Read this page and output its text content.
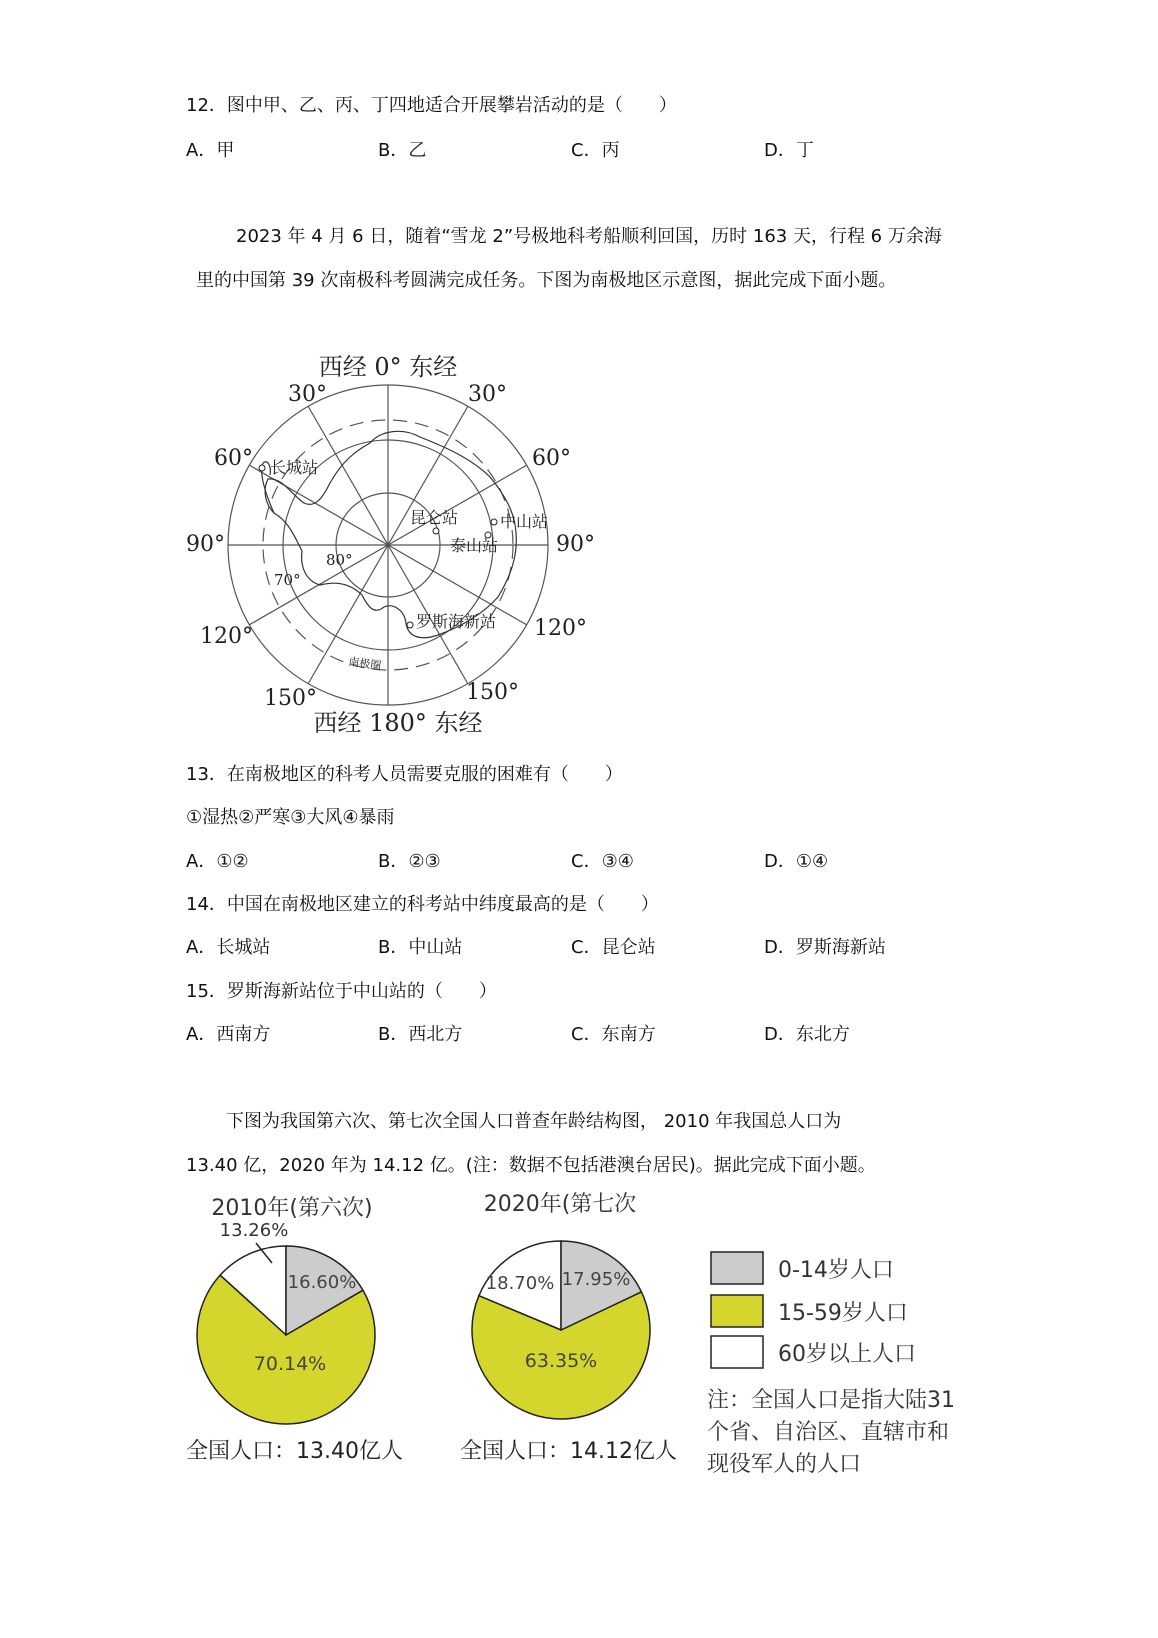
12．图中甲、乙、丙、丁四地适合开展攀岩活动的是（　　）
A．甲	B．乙	C．丙	D．丁
2023 年 4 月 6 日，随着“雪龙 2”号极地科考船顺利回国，历时 163 天，行程 6 万余海里的中国第 39 次南极科考圆满完成任务。下图为南极地区示意图，据此完成下面小题。
西经 0° 东经
西经 180° 东经
30°	30°
60°	60°
90°	90°
120°	120°
150°	150°
80°
70°
长城站
昆仑站	中山站
泰山站
罗斯海新站
南极圈
13．在南极地区的科考人员需要克服的困难有（　　）
①湿热②严寒③大风④暴雨
A．①②	B．②③	C．③④	D．①④
14．中国在南极地区建立的科考站中纬度最高的是（　　）
A．长城站	B．中山站	C．昆仑站	D．罗斯海新站
15．罗斯海新站位于中山站的（　　）
A．西南方	B．西北方	C．东南方	D．东北方
下图为我国第六次、第七次全国人口普查年龄结构图， 2010 年我国总人口为
13.40 亿，2020 年为 14.12 亿。(注：数据不包括港澳台居民)。据此完成下面小题。
2010年(第六次)
13.26%
16.60%
70.14%
全国人口：13.40亿人
2020年(第七次
17.95%
18.70%
63.35%
全国人口：14.12亿人
0-14岁人口
15-59岁人口
60岁以上人口
注：全国人口是指大陆31
个省、自治区、直辖市和
现役军人的人口
